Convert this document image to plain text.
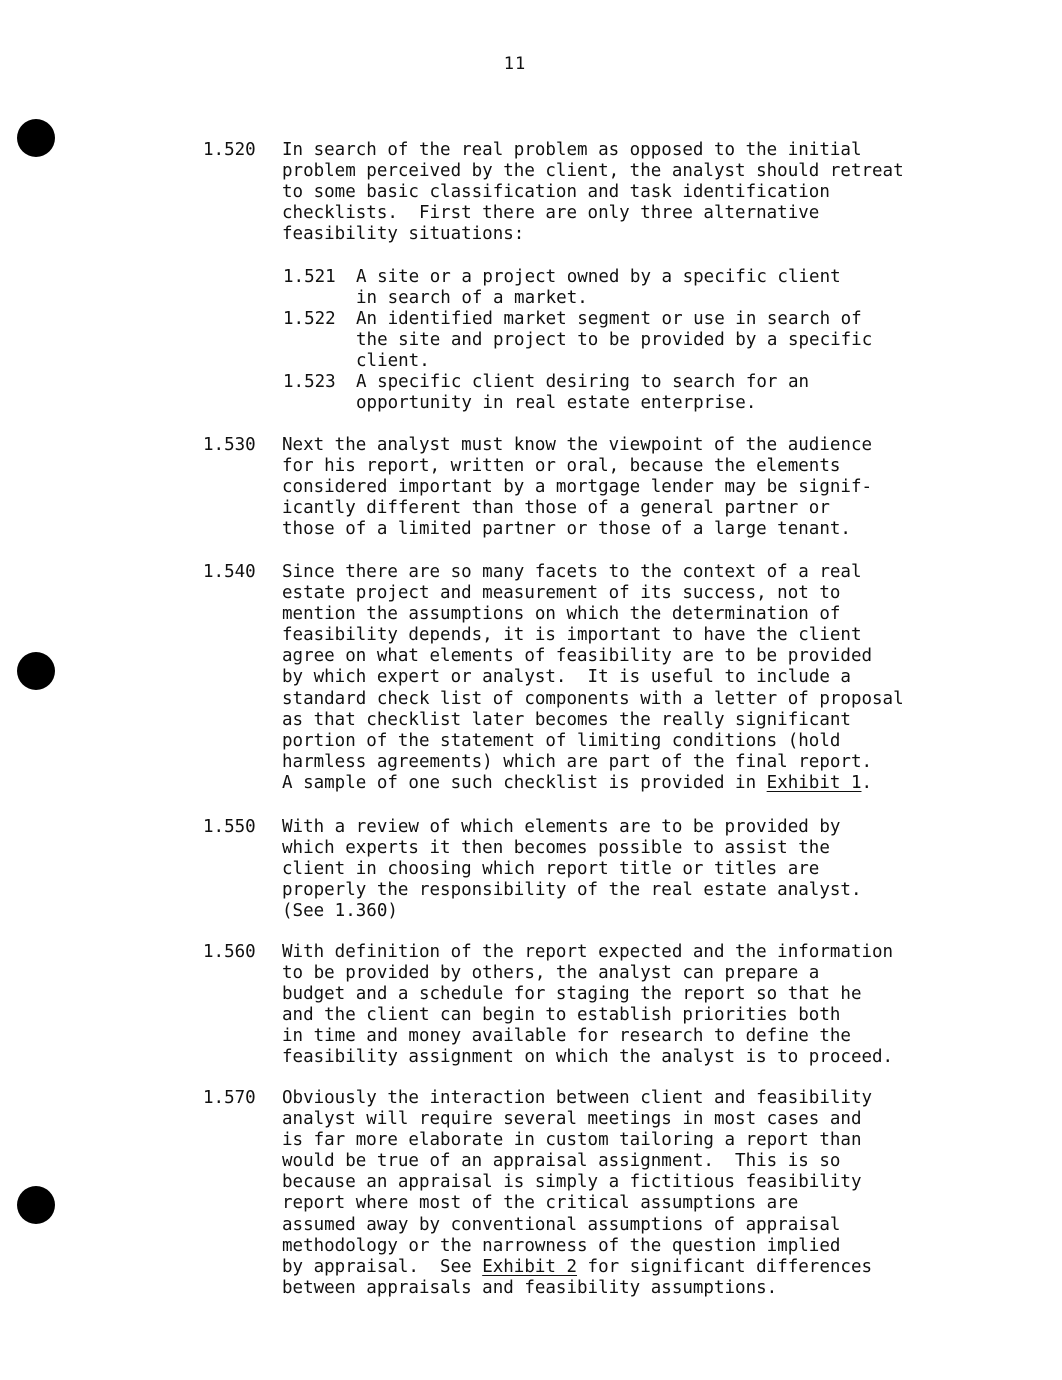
11
1.520 In search of the real problem as opposed to the initial
problem perceived by the client, the analyst should retreat
to some basic classification and task identification
checklists.  First there are only three alternative
feasibility situations:
1.521 A site or a project owned by a specific client
in search of a market.
1.522 An identified market segment or use in search of
the site and project to be provided by a specific
client.
1.523 A specific client desiring to search for an
opportunity in real estate enterprise.
1.530 Next the analyst must know the viewpoint of the audience
for his report, written or oral, because the elements
considered important by a mortgage lender may be signif-
icantly different than those of a general partner or
those of a limited partner or those of a large tenant.
1.540 Since there are so many facets to the context of a real
estate project and measurement of its success, not to
mention the assumptions on which the determination of
feasibility depends, it is important to have the client
agree on what elements of feasibility are to be provided
by which expert or analyst.  It is useful to include a
standard check list of components with a letter of proposal
as that checklist later becomes the really significant
portion of the statement of limiting conditions (hold
harmless agreements) which are part of the final report.
A sample of one such checklist is provided in Exhibit 1.
1.550 With a review of which elements are to be provided by
which experts it then becomes possible to assist the
client in choosing which report title or titles are
properly the responsibility of the real estate analyst.
(See 1.360)
1.560 With definition of the report expected and the information
to be provided by others, the analyst can prepare a
budget and a schedule for staging the report so that he
and the client can begin to establish priorities both
in time and money available for research to define the
feasibility assignment on which the analyst is to proceed.
1.570 Obviously the interaction between client and feasibility
analyst will require several meetings in most cases and
is far more elaborate in custom tailoring a report than
would be true of an appraisal assignment.  This is so
because an appraisal is simply a fictitious feasibility
report where most of the critical assumptions are
assumed away by conventional assumptions of appraisal
methodology or the narrowness of the question implied
by appraisal.  See Exhibit 2 for significant differences
between appraisals and feasibility assumptions.
